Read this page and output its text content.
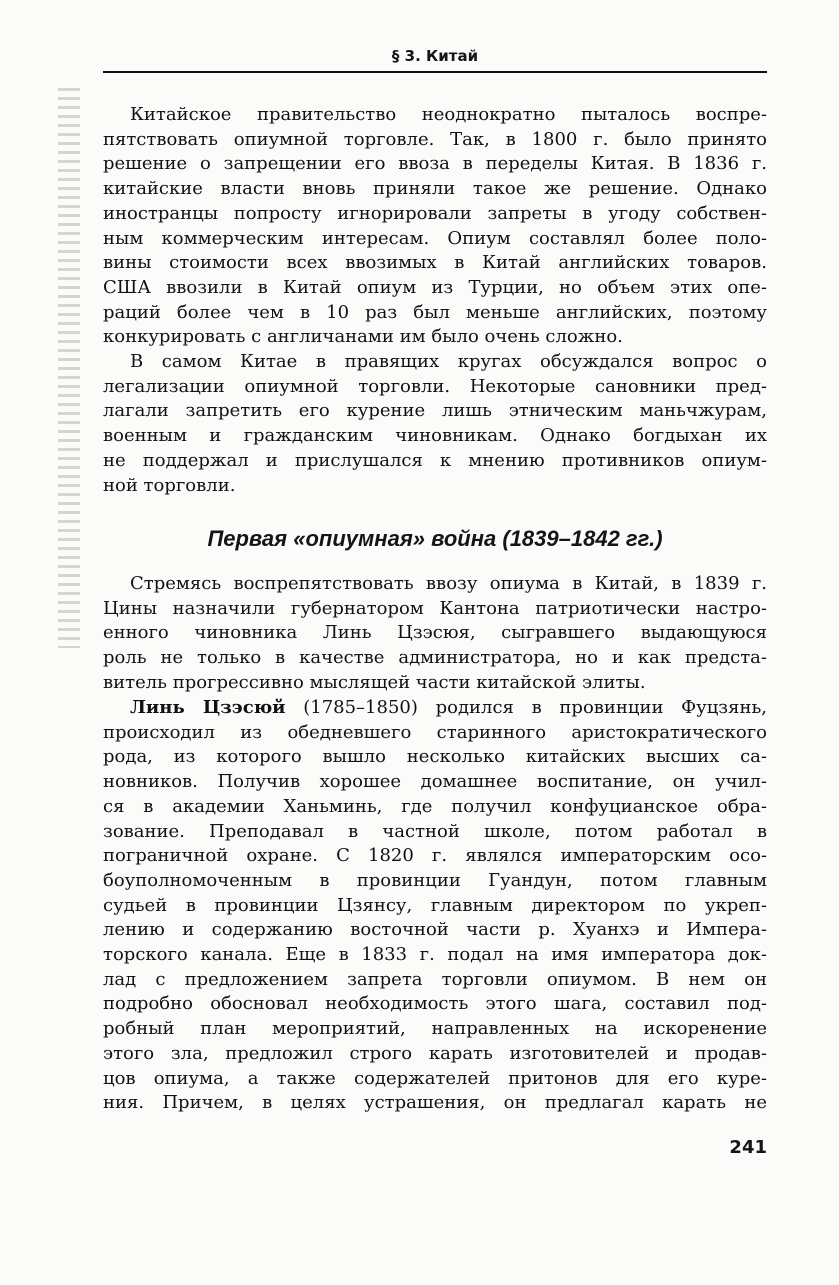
§ 3. Китай
Китайское правительство неоднократно пыталось воспре-
пятствовать опиумной торговле. Так, в 1800 г. было принято
решение о запрещении его ввоза в переделы Китая. В 1836 г.
китайские власти вновь приняли такое же решение. Однако
иностранцы попросту игнорировали запреты в угоду собствен-
ным коммерческим интересам. Опиум составлял более поло-
вины стоимости всех ввозимых в Китай английских товаров.
США ввозили в Китай опиум из Турции, но объем этих опе-
раций более чем в 10 раз был меньше английских, поэтому
конкурировать с англичанами им было очень сложно.
В самом Китае в правящих кругах обсуждался вопрос о
легализации опиумной торговли. Некоторые сановники пред-
лагали запретить его курение лишь этническим маньчжурам,
военным и гражданским чиновникам. Однако богдыхан их
не поддержал и прислушался к мнению противников опиум-
ной торговли.
Первая «опиумная» война (1839–1842 гг.)
Стремясь воспрепятствовать ввозу опиума в Китай, в 1839 г.
Цины назначили губернатором Кантона патриотически настро-
енного чиновника Линь Цзэсюя, сыгравшего выдающуюся
роль не только в качестве администратора, но и как предста-
витель прогрессивно мыслящей части китайской элиты.
Линь Цзэсюй (1785–1850) родился в провинции Фуцзянь,
происходил из обедневшего старинного аристократического
рода, из которого вышло несколько китайских высших са-
новников. Получив хорошее домашнее воспитание, он учил-
ся в академии Ханьминь, где получил конфуцианское обра-
зование. Преподавал в частной школе, потом работал в
пограничной охране. С 1820 г. являлся императорским осо-
боуполномоченным в провинции Гуандун, потом главным
судьей в провинции Цзянсу, главным директором по укреп-
лению и содержанию восточной части р. Хуанхэ и Импера-
торского канала. Еще в 1833 г. подал на имя императора док-
лад с предложением запрета торговли опиумом. В нем он
подробно обосновал необходимость этого шага, составил под-
робный план мероприятий, направленных на искоренение
этого зла, предложил строго карать изготовителей и продав-
цов опиума, а также содержателей притонов для его куре-
ния. Причем, в целях устрашения, он предлагал карать не
241
